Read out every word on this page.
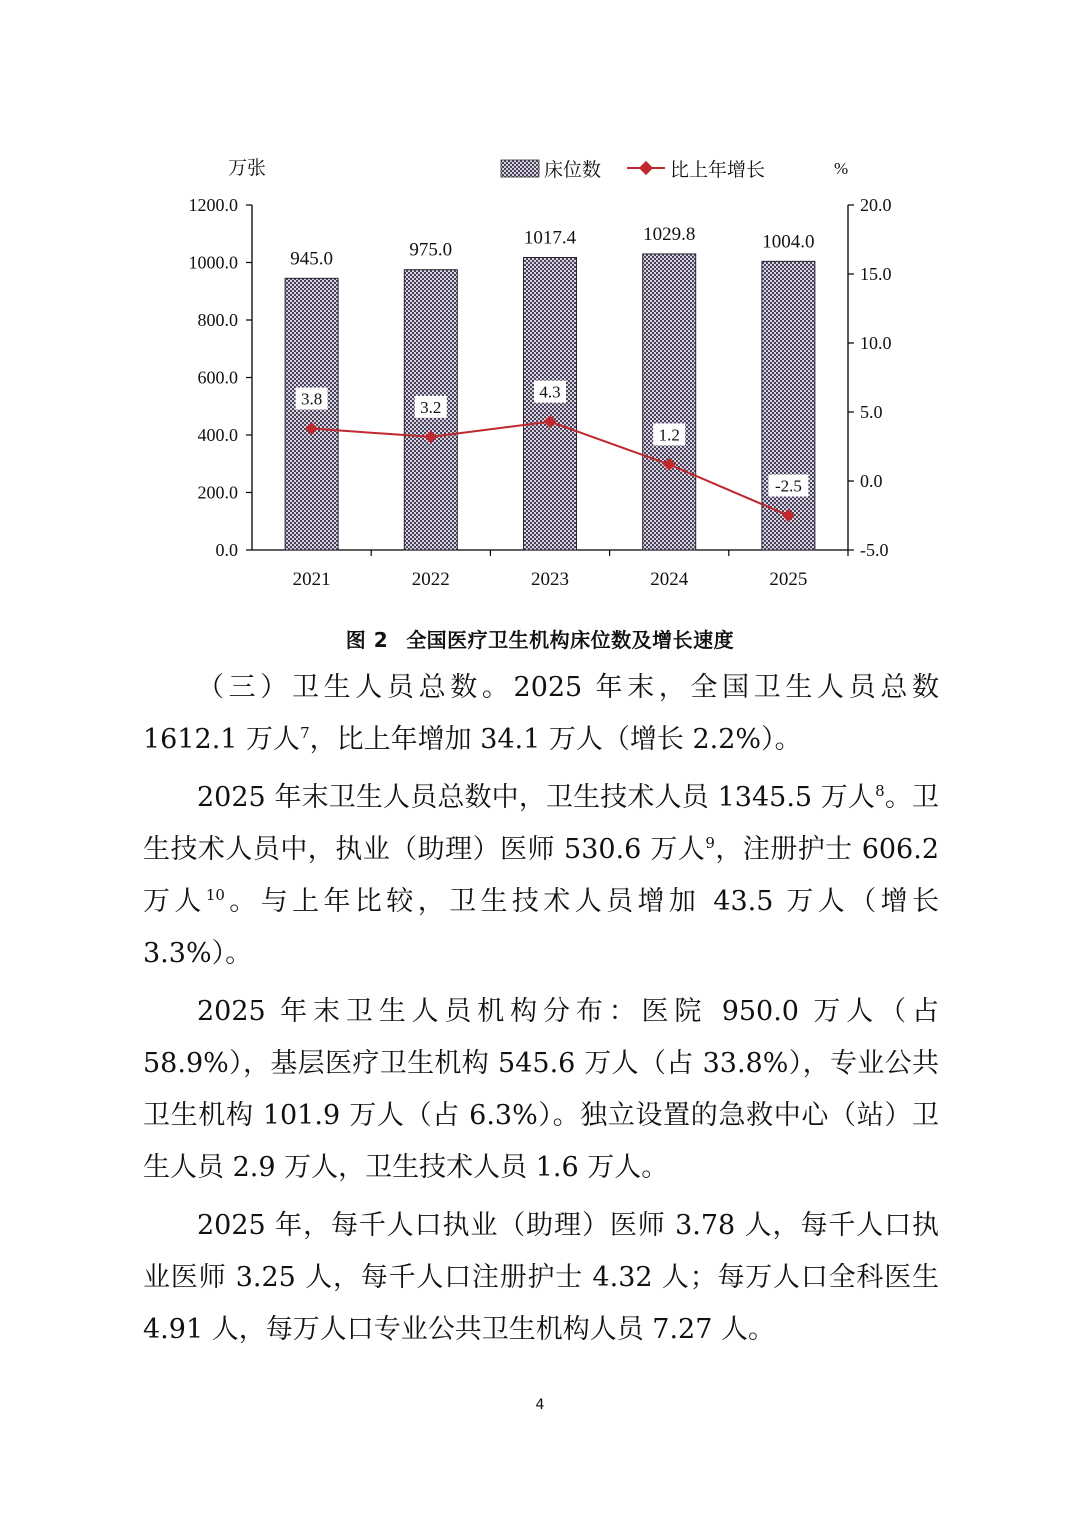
万张	%
床位数	比上年增长
0.0
200.0
400.0
600.0
800.0
1000.0
1200.0
-5.0
0.0
5.0
10.0
15.0
20.0
945.0	975.0
1017.4	1029.8	1004.0
2021	2022	2023	2024	2025
3.8	3.2
4.3
1.2
-2.5
图 2 全国医疗卫生机构床位数及增长速度

（三）卫生人员总数。2025 年末，全国卫生人员总数 1612.1 万人$^7$，比上年增加 34.1 万人（增长 2.2%）。

2025 年末卫生人员总数中，卫生技术人员 1345.5 万人$^8$。卫生技术人员中，执业（助理）医师 530.6 万人$^9$，注册护士 606.2 万人$^{10}$。与上年比较，卫生技术人员增加 43.5 万人（增长 3.3%）。

2025 年末卫生人员机构分布：医院 950.0 万人（占 58.9%），基层医疗卫生机构 545.6 万人（占 33.8%），专业公共卫生机构 101.9 万人（占 6.3%）。独立设置的急救中心（站）卫生人员 2.9 万人，卫生技术人员 1.6 万人。

2025 年，每千人口执业（助理）医师 3.78 人，每千人口执业医师 3.25 人，每千人口注册护士 4.32 人；每万人口全科医生 4.91 人，每万人口专业公共卫生机构人员 7.27 人。

4
